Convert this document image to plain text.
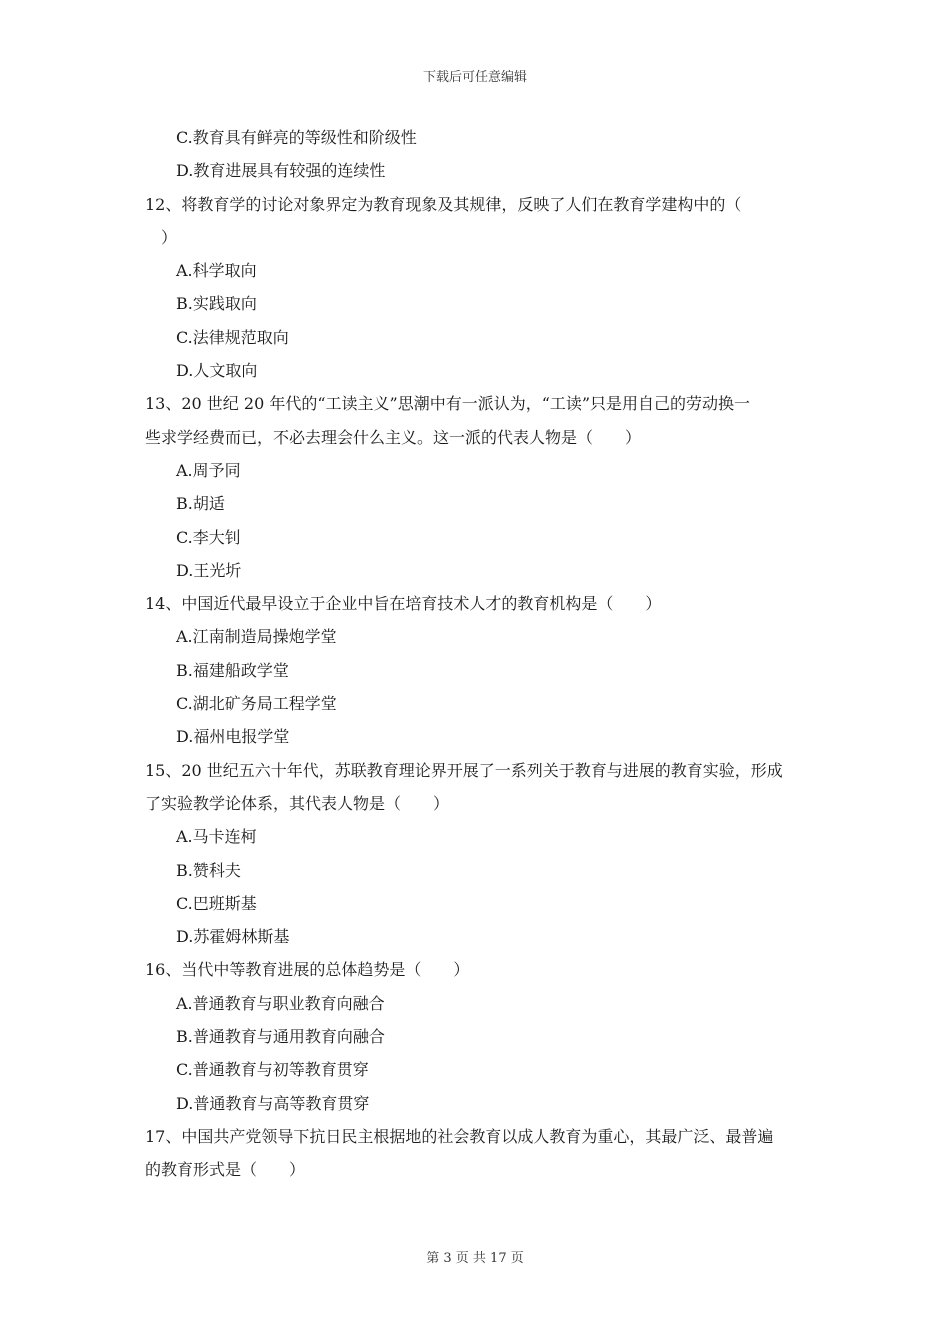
下载后可任意编辑
C.教育具有鲜亮的等级性和阶级性
D.教育进展具有较强的连续性
12、将教育学的讨论对象界定为教育现象及其规律，反映了人们在教育学建构中的（
　）
A.科学取向
B.实践取向
C.法律规范取向
D.人文取向
13、20 世纪 20 年代的“工读主义”思潮中有一派认为，“工读”只是用自己的劳动换一
些求学经费而已，不必去理会什么主义。这一派的代表人物是（　　）
A.周予同
B.胡适
C.李大钊
D.王光圻
14、中国近代最早设立于企业中旨在培育技术人才的教育机构是（　　）
A.江南制造局操炮学堂
B.福建船政学堂
C.湖北矿务局工程学堂
D.福州电报学堂
15、20 世纪五六十年代，苏联教育理论界开展了一系列关于教育与进展的教育实验，形成
了实验教学论体系，其代表人物是（　　）
A.马卡连柯
B.赞科夫
C.巴班斯基
D.苏霍姆林斯基
16、当代中等教育进展的总体趋势是（　　）
A.普通教育与职业教育向融合
B.普通教育与通用教育向融合
C.普通教育与初等教育贯穿
D.普通教育与高等教育贯穿
17、中国共产党领导下抗日民主根据地的社会教育以成人教育为重心，其最广泛、最普遍
的教育形式是（　　）
第 3 页 共 17 页
